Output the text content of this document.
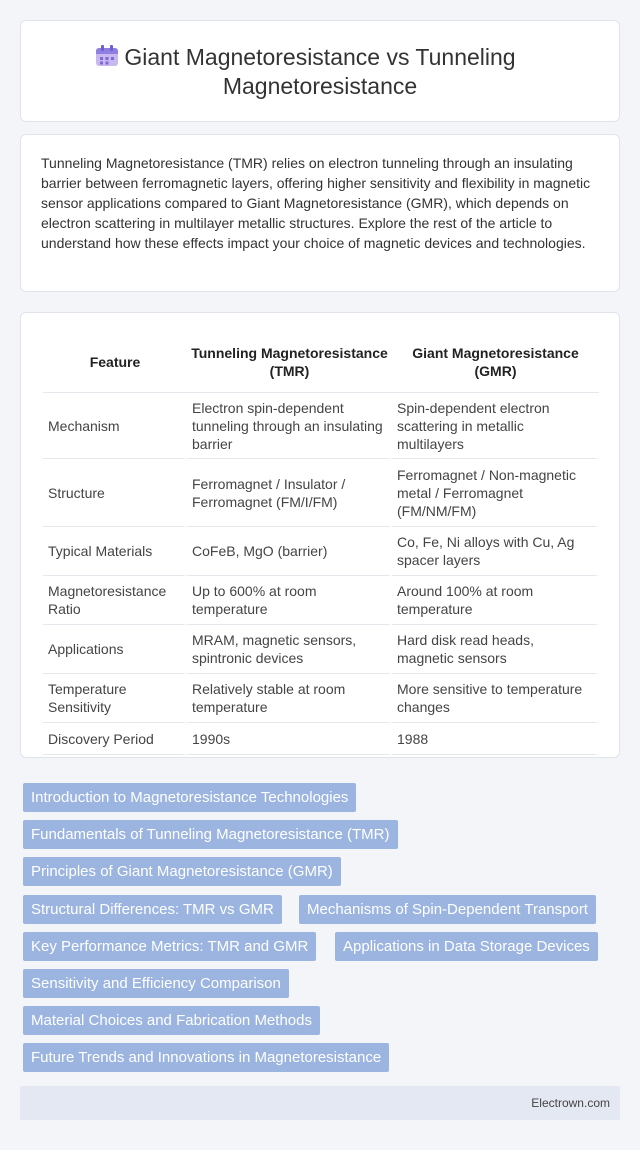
Giant Magnetoresistance vs Tunneling Magnetoresistance

Tunneling Magnetoresistance (TMR) relies on electron tunneling through an insulating barrier between ferromagnetic layers, offering higher sensitivity and flexibility in magnetic sensor applications compared to Giant Magnetoresistance (GMR), which depends on electron scattering in multilayer metallic structures. Explore the rest of the article to understand how these effects impact your choice of magnetic devices and technologies.

Feature	Tunneling Magnetoresistance (TMR)	Giant Magnetoresistance (GMR)
Mechanism	Electron spin-dependent tunneling through an insulating barrier	Spin-dependent electron scattering in metallic multilayers
Structure	Ferromagnet / Insulator / Ferromagnet (FM/I/FM)	Ferromagnet / Non-magnetic metal / Ferromagnet (FM/NM/FM)
Typical Materials	CoFeB, MgO (barrier)	Co, Fe, Ni alloys with Cu, Ag spacer layers
Magnetoresistance Ratio	Up to 600% at room temperature	Around 100% at room temperature
Applications	MRAM, magnetic sensors, spintronic devices	Hard disk read heads, magnetic sensors
Temperature Sensitivity	Relatively stable at room temperature	More sensitive to temperature changes
Discovery Period	1990s	1988
Introduction to Magnetoresistance Technologies
Fundamentals of Tunneling Magnetoresistance (TMR)
Principles of Giant Magnetoresistance (GMR)
Structural Differences: TMR vs GMR	Mechanisms of Spin-Dependent Transport
Key Performance Metrics: TMR and GMR	Applications in Data Storage Devices
Sensitivity and Efficiency Comparison
Material Choices and Fabrication Methods
Future Trends and Innovations in Magnetoresistance
Electrown.com
